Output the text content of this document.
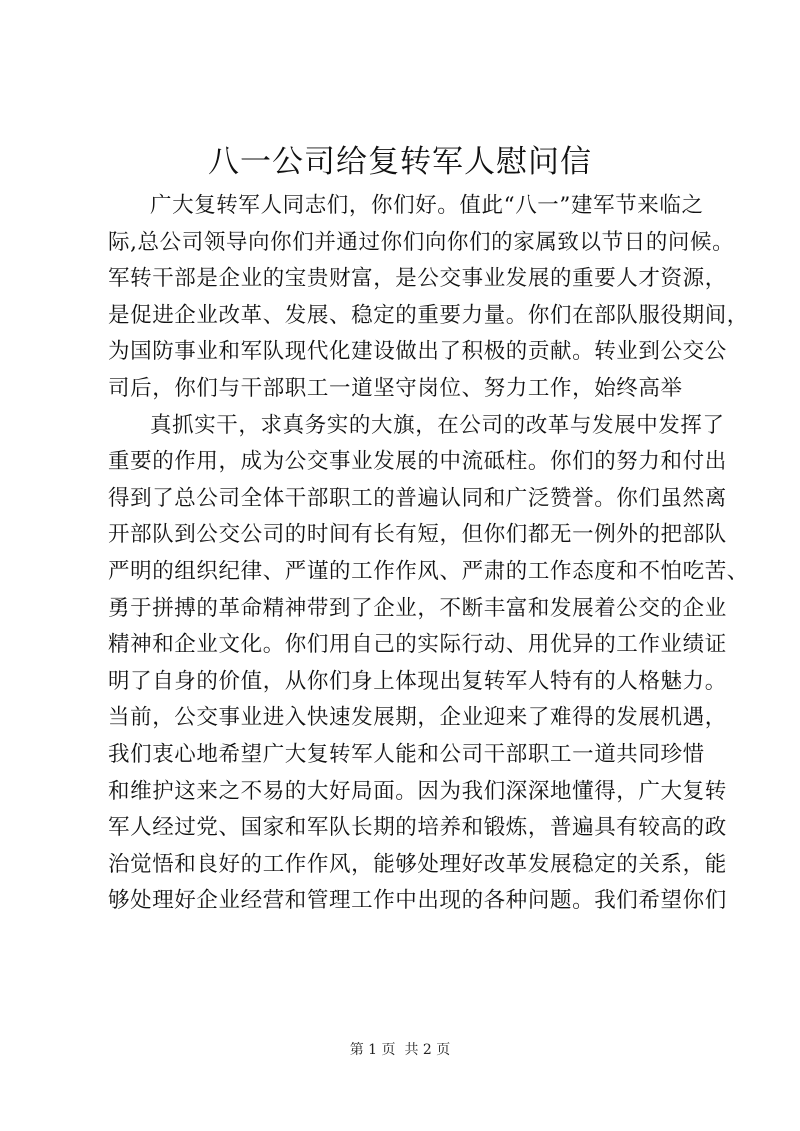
八一公司给复转军人慰问信
广大复转军人同志们，你们好。值此“八一”建军节来临之
际,总公司领导向你们并通过你们向你们的家属致以节日的问候。
军转干部是企业的宝贵财富，是公交事业发展的重要人才资源，
是促进企业改革、发展、稳定的重要力量。你们在部队服役期间，
为国防事业和军队现代化建设做出了积极的贡献。转业到公交公
司后，你们与干部职工一道坚守岗位、努力工作，始终高举
真抓实干，求真务实的大旗，在公司的改革与发展中发挥了
重要的作用，成为公交事业发展的中流砥柱。你们的努力和付出
得到了总公司全体干部职工的普遍认同和广泛赞誉。你们虽然离
开部队到公交公司的时间有长有短，但你们都无一例外的把部队
严明的组织纪律、严谨的工作作风、严肃的工作态度和不怕吃苦、
勇于拼搏的革命精神带到了企业，不断丰富和发展着公交的企业
精神和企业文化。你们用自己的实际行动、用优异的工作业绩证
明了自身的价值，从你们身上体现出复转军人特有的人格魅力。
当前，公交事业进入快速发展期，企业迎来了难得的发展机遇，
我们衷心地希望广大复转军人能和公司干部职工一道共同珍惜
和维护这来之不易的大好局面。因为我们深深地懂得，广大复转
军人经过党、国家和军队长期的培养和锻炼，普遍具有较高的政
治觉悟和良好的工作作风，能够处理好改革发展稳定的关系，能
够处理好企业经营和管理工作中出现的各种问题。我们希望你们
第 1 页  共 2 页
